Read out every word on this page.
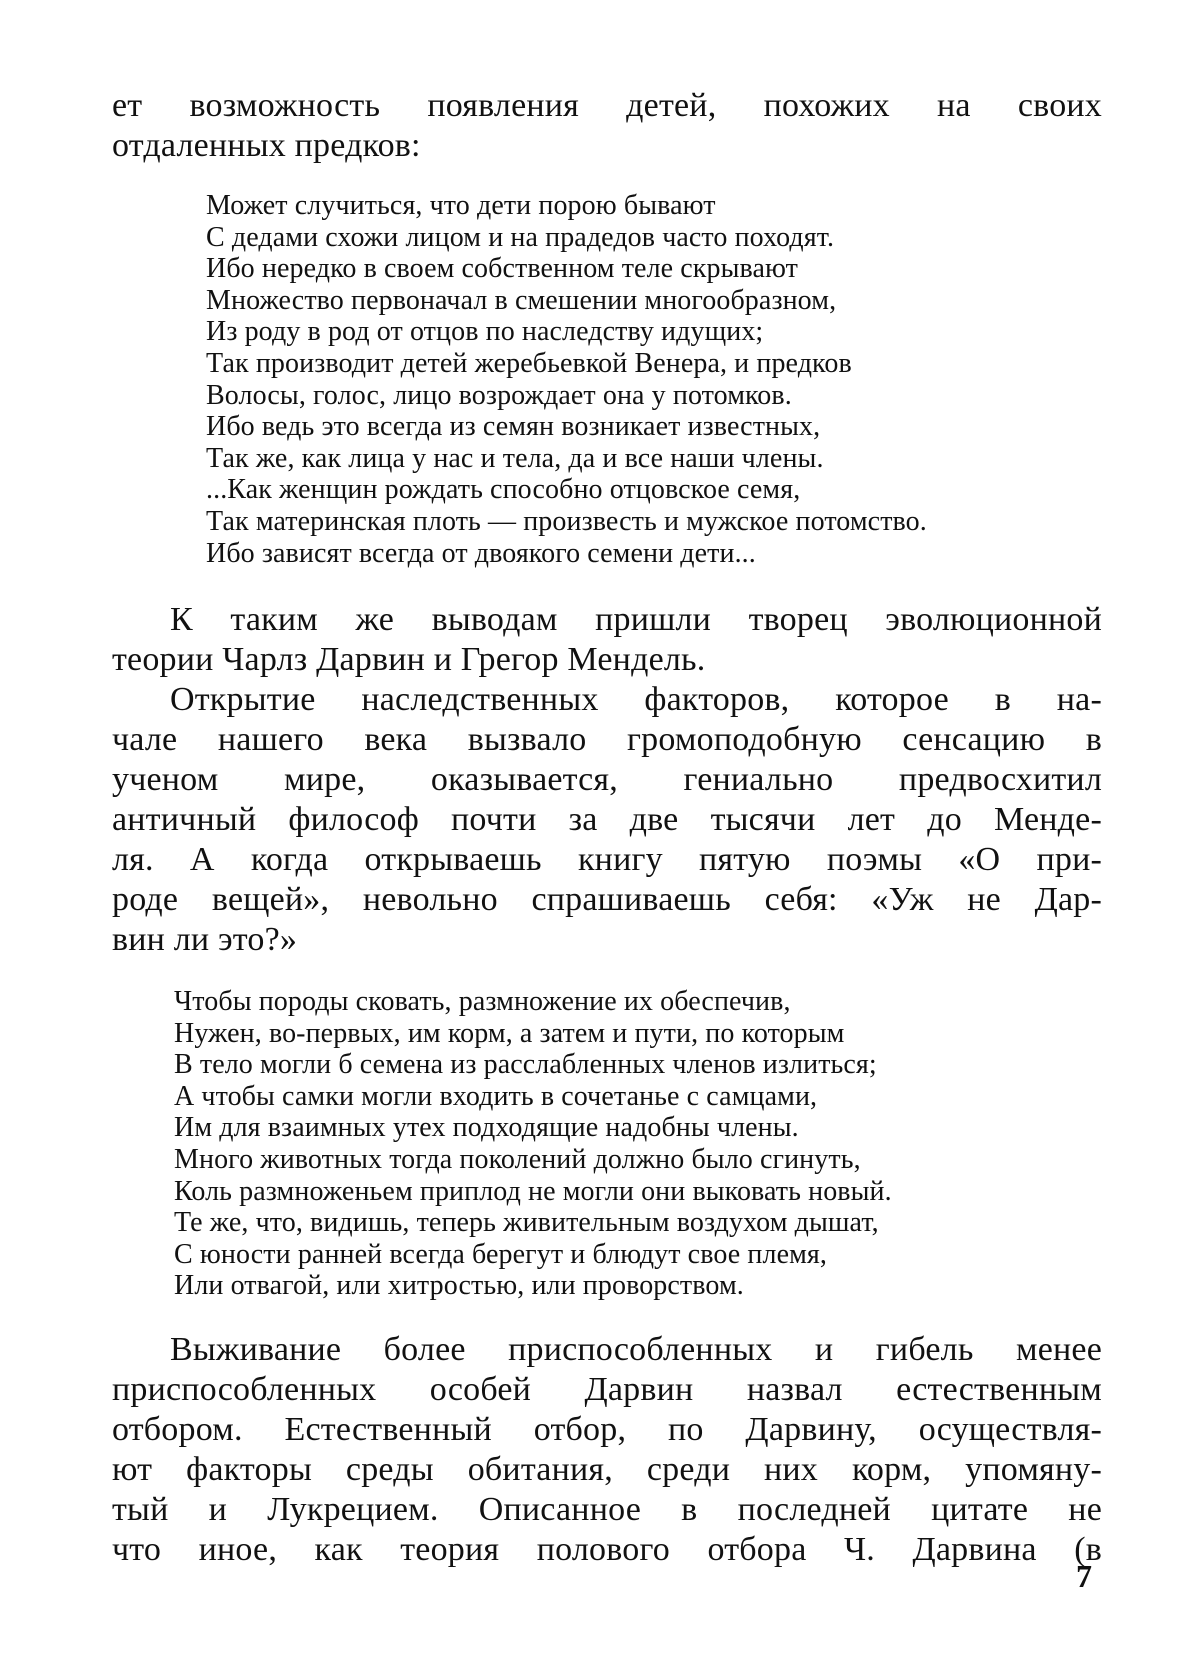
ет возможность появления детей, похожих на своих
отдаленных предков:
Может случиться, что дети порою бывают
С дедами схожи лицом и на прадедов часто походят.
Ибо нередко в своем собственном теле скрывают
Множество первоначал в смешении многообразном,
Из роду в род от отцов по наследству идущих;
Так производит детей жеребьевкой Венера, и предков
Волосы, голос, лицо возрождает она у потомков.
Ибо ведь это всегда из семян возникает известных,
Так же, как лица у нас и тела, да и все наши члены.
...Как женщин рождать способно отцовское семя,
Так материнская плоть — произвесть и мужское потомство.
Ибо зависят всегда от двоякого семени дети...
К таким же выводам пришли творец эволюционной
теории Чарлз Дарвин и Грегор Мендель.
Открытие наследственных факторов, которое в на-
чале нашего века вызвало громоподобную сенсацию в
ученом мире, оказывается, гениально предвосхитил
античный философ почти за две тысячи лет до Менде-
ля. А когда открываешь книгу пятую поэмы «О при-
роде вещей», невольно спрашиваешь себя: «Уж не Дар-
вин ли это?»
Чтобы породы сковать, размножение их обеспечив,
Нужен, во-первых, им корм, а затем и пути, по которым
В тело могли б семена из расслабленных членов излиться;
А чтобы самки могли входить в сочетанье с самцами,
Им для взаимных утех подходящие надобны члены.
Много животных тогда поколений должно было сгинуть,
Коль размноженьем приплод не могли они выковать новый.
Те же, что, видишь, теперь живительным воздухом дышат,
С юности ранней всегда берегут и блюдут свое племя,
Или отвагой, или хитростью, или проворством.
Выживание более приспособленных и гибель менее
приспособленных особей Дарвин назвал естественным
отбором. Естественный отбор, по Дарвину, осуществля-
ют факторы среды обитания, среди них корм, упомяну-
тый и Лукрецием. Описанное в последней цитате не
что иное, как теория полового отбора Ч. Дарвина (в
7
